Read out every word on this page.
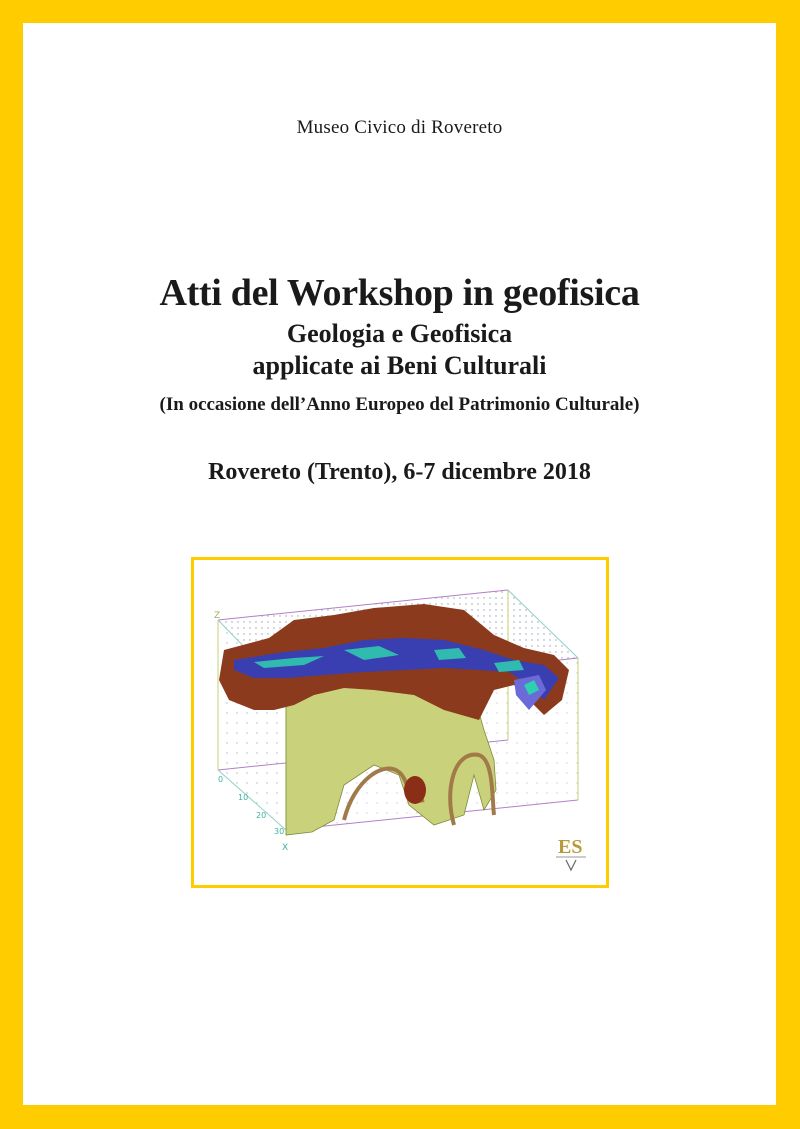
Museo Civico di Rovereto
Atti del Workshop in geofisica
Geologia e Geofisica
applicate ai Beni Culturali
(In occasione dell’Anno Europeo del Patrimonio Culturale)
Rovereto (Trento), 6-7 dicembre 2018
0
10
20
30
X
Z
ES
